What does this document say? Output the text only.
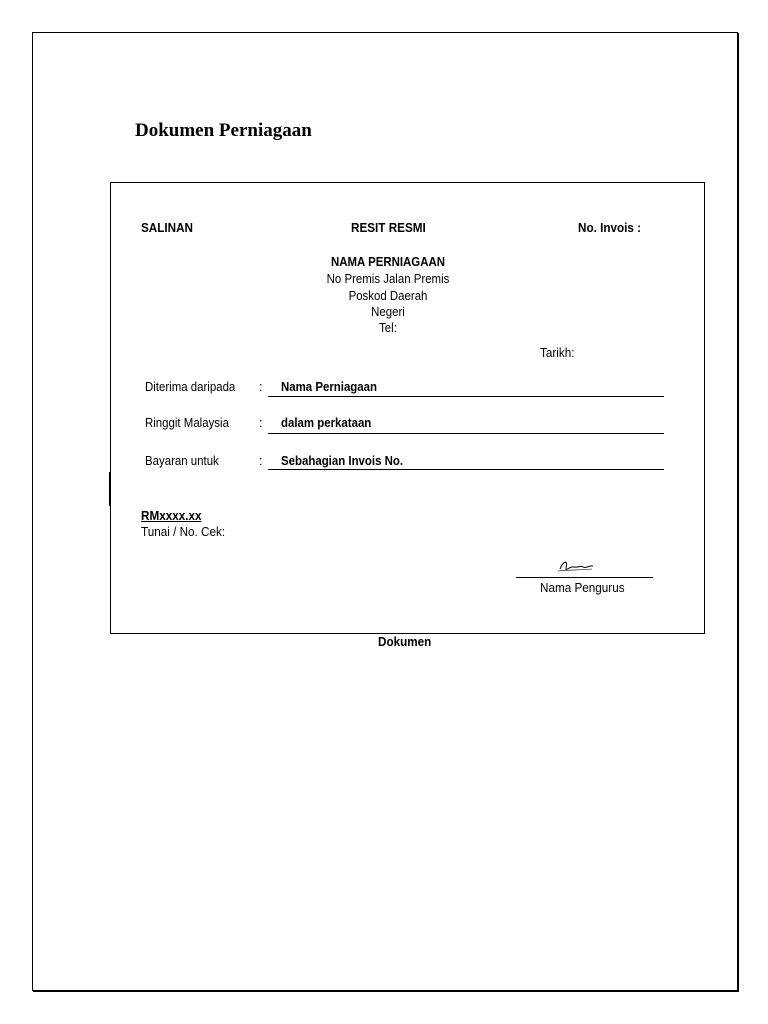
Dokumen Perniagaan
SALINAN	RESIT RESMI	No. Invois :
NAMA PERNIAGAAN
No Premis Jalan Premis
Poskod Daerah
Negeri
Tel:
Tarikh:
Diterima daripada : Nama Perniagaan
Ringgit Malaysia : dalam perkataan
Bayaran untuk	: Sebahagian Invois No.
RMxxxx.xx
Tunai / No. Cek:
Nama Pengurus
Dokumen
